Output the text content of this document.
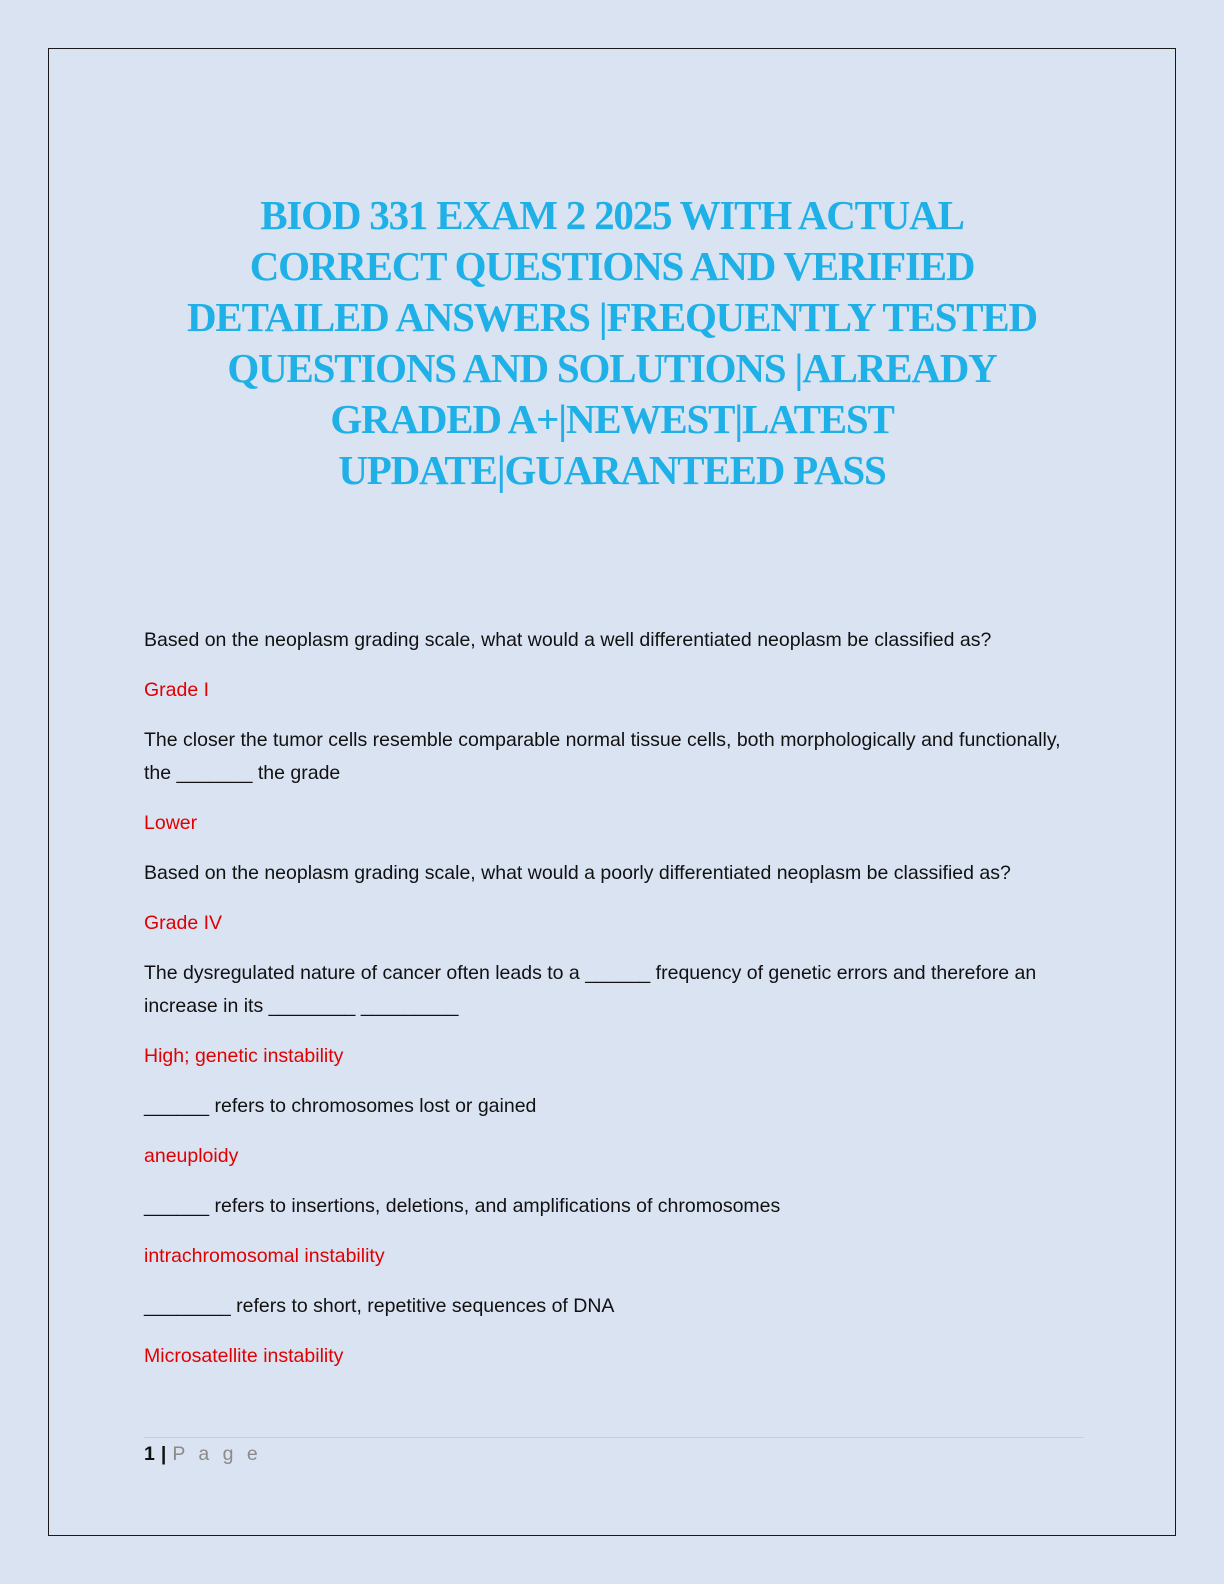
BIOD 331 EXAM 2 2025 WITH ACTUAL
CORRECT QUESTIONS AND VERIFIED
DETAILED ANSWERS |FREQUENTLY TESTED
QUESTIONS AND SOLUTIONS |ALREADY
GRADED A+|NEWEST|LATEST
UPDATE|GUARANTEED PASS

Based on the neoplasm grading scale, what would a well differentiated neoplasm be classified as?

Grade I

The closer the tumor cells resemble comparable normal tissue cells, both morphologically and functionally, the _______ the grade

Lower

Based on the neoplasm grading scale, what would a poorly differentiated neoplasm be classified as?

Grade IV

The dysregulated nature of cancer often leads to a ______ frequency of genetic errors and therefore an increase in its ________ _________

High; genetic instability

______ refers to chromosomes lost or gained

aneuploidy

______ refers to insertions, deletions, and amplifications of chromosomes

intrachromosomal instability

________ refers to short, repetitive sequences of DNA

Microsatellite instability

1 | P a g e
